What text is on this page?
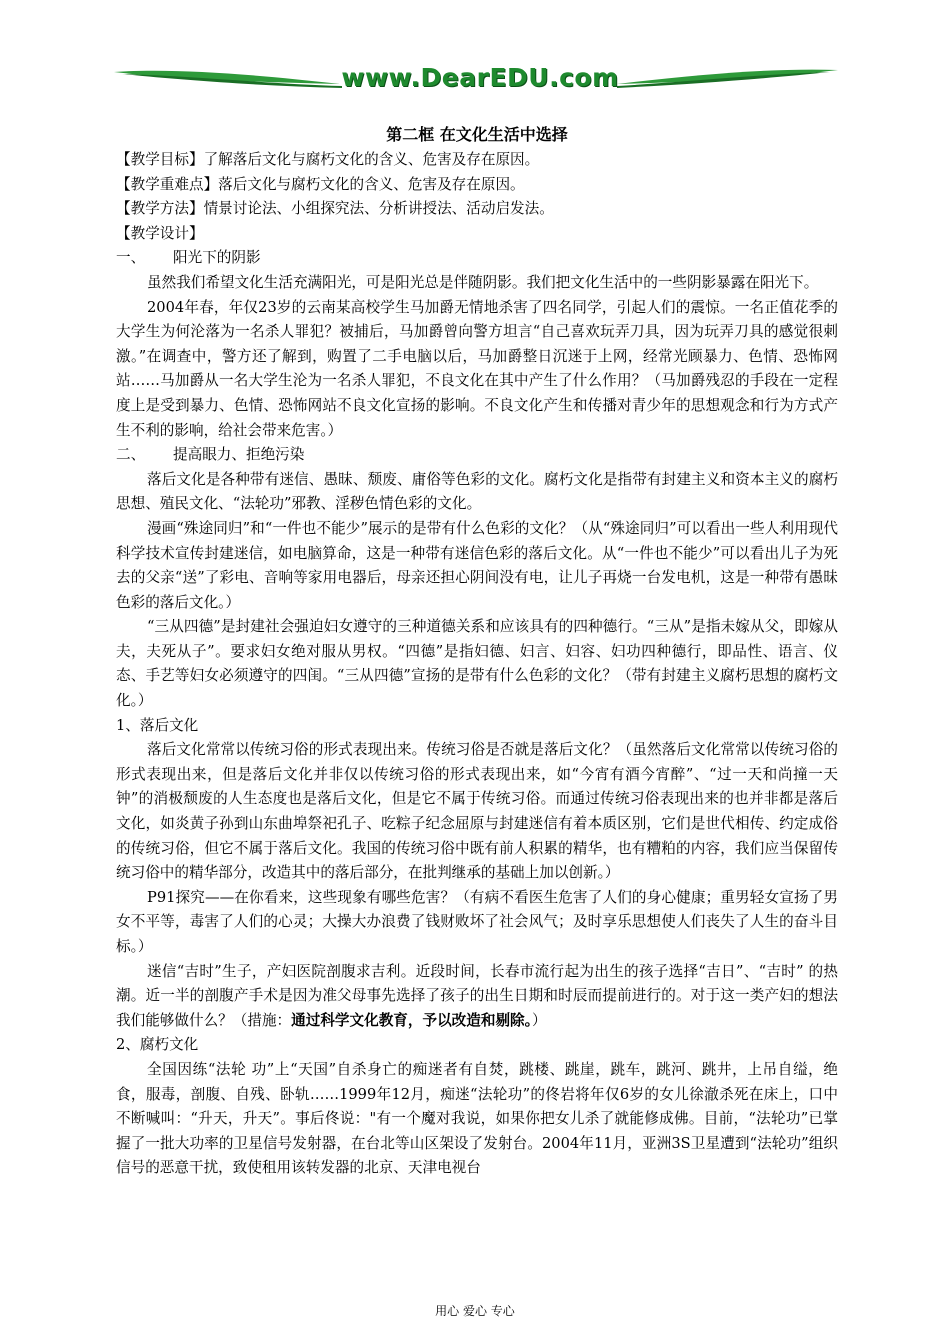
www.DearEDU.com
第二框 在文化生活中选择

【教学目标】了解落后文化与腐朽文化的含义、危害及存在原因。

【教学重难点】落后文化与腐朽文化的含义、危害及存在原因。

【教学方法】情景讨论法、小组探究法、分析讲授法、活动启发法。

【教学设计】

一、      阳光下的阴影

虽然我们希望文化生活充满阳光，可是阳光总是伴随阴影。我们把文化生活中的一些阴影暴露在阳光下。

2004年春，年仅23岁的云南某高校学生马加爵无情地杀害了四名同学，引起人们的震惊。一名正值花季的大学生为何沦落为一名杀人罪犯？被捕后，马加爵曾向警方坦言“自己喜欢玩弄刀具，因为玩弄刀具的感觉很刺激。”在调查中，警方还了解到，购置了二手电脑以后，马加爵整日沉迷于上网，经常光顾暴力、色情、恐怖网站……马加爵从一名大学生沦为一名杀人罪犯，不良文化在其中产生了什么作用？（马加爵残忍的手段在一定程度上是受到暴力、色情、恐怖网站不良文化宣扬的影响。不良文化产生和传播对青少年的思想观念和行为方式产生不利的影响，给社会带来危害。）

二、      提高眼力、拒绝污染

落后文化是各种带有迷信、愚昧、颓废、庸俗等色彩的文化。腐朽文化是指带有封建主义和资本主义的腐朽思想、殖民文化、“法轮功”邪教、淫秽色情色彩的文化。

漫画“殊途同归”和“一件也不能少”展示的是带有什么色彩的文化？（从“殊途同归”可以看出一些人利用现代科学技术宣传封建迷信，如电脑算命，这是一种带有迷信色彩的落后文化。从“一件也不能少”可以看出儿子为死去的父亲“送”了彩电、音响等家用电器后，母亲还担心阴间没有电，让儿子再烧一台发电机，这是一种带有愚昧色彩的落后文化。）

“三从四德”是封建社会强迫妇女遵守的三种道德关系和应该具有的四种德行。“三从”是指未嫁从父，即嫁从夫，夫死从子”。要求妇女绝对服从男权。“四德”是指妇德、妇言、妇容、妇功四种德行，即品性、语言、仪态、手艺等妇女必须遵守的四闺。“三从四德”宣扬的是带有什么色彩的文化？（带有封建主义腐朽思想的腐朽文化。）

1、落后文化

落后文化常常以传统习俗的形式表现出来。传统习俗是否就是落后文化？（虽然落后文化常常以传统习俗的形式表现出来，但是落后文化并非仅以传统习俗的形式表现出来，如“今宵有酒今宵醉”、“过一天和尚撞一天钟”的消极颓废的人生态度也是落后文化，但是它不属于传统习俗。而通过传统习俗表现出来的也并非都是落后文化，如炎黄子孙到山东曲埠祭祀孔子、吃粽子纪念屈原与封建迷信有着本质区别，它们是世代相传、约定成俗的传统习俗，但它不属于落后文化。我国的传统习俗中既有前人积累的精华，也有糟粕的内容，我们应当保留传统习俗中的精华部分，改造其中的落后部分，在批判继承的基础上加以创新。）

P91探究——在你看来，这些现象有哪些危害？（有病不看医生危害了人们的身心健康；重男轻女宣扬了男女不平等，毒害了人们的心灵；大操大办浪费了钱财败坏了社会风气；及时享乐思想使人们丧失了人生的奋斗目标。）

迷信“吉时”生子，产妇医院剖腹求吉利。近段时间，长春市流行起为出生的孩子选择“吉日”、“吉时” 的热潮。近一半的剖腹产手术是因为准父母事先选择了孩子的出生日期和时辰而提前进行的。对于这一类产妇的想法我们能够做什么？（措施：通过科学文化教育，予以改造和剔除。）

2、腐朽文化

全国因练“法轮 功”上“天国”自杀身亡的痴迷者有自焚，跳楼、跳崖，跳车，跳河、跳井，上吊自缢，绝食，服毒，剖腹、自残、卧轨……1999年12月，痴迷“法轮功”的佟岩将年仅6岁的女儿徐澈杀死在床上，口中不断喊叫：“升天，升天”。事后佟说："有一个魔对我说，如果你把女儿杀了就能修成佛。目前，“法轮功”已掌握了一批大功率的卫星信号发射器，在台北等山区架设了发射台。2004年11月，亚洲3S卫星遭到“法轮功”组织信号的恶意干扰，致使租用该转发器的北京、天津电视台

用心 爱心 专心
